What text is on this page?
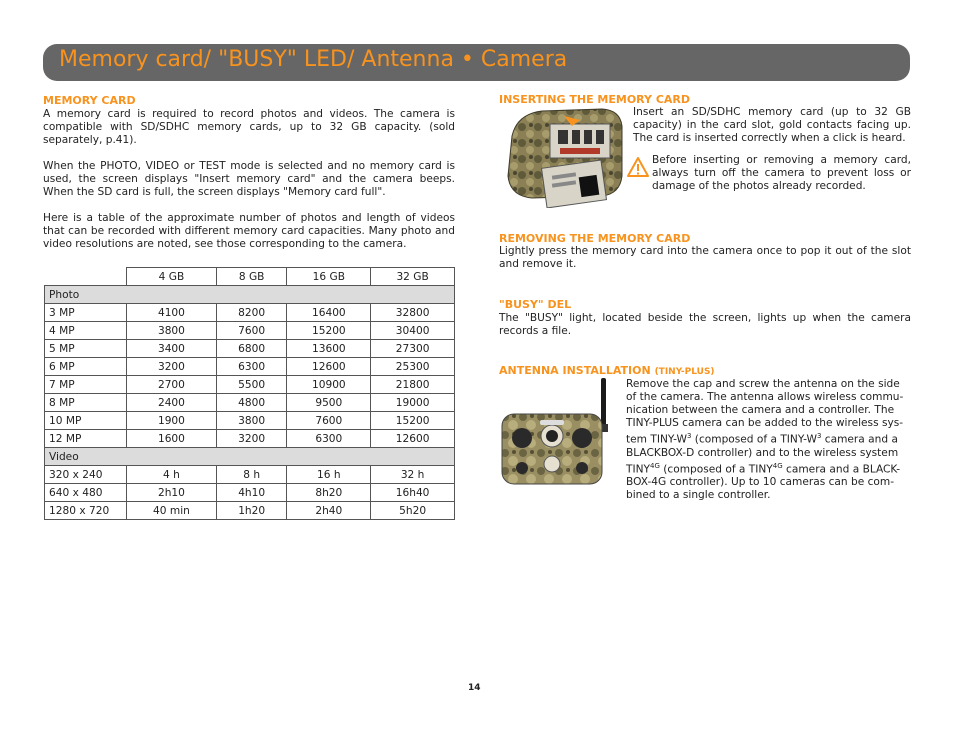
Memory card/ "BUSY" LED/ Antenna • Camera
MEMORY CARD
A memory card is required to record photos and videos. The camera is compatible with SD/SDHC memory cards, up to 32 GB capacity. (sold separately, p.41).
When the PHOTO, VIDEO or TEST mode is selected and no memory card is used, the screen displays "Insert memory card" and the camera beeps. When the SD card is full, the screen displays "Memory card full".
Here is a table of the approximate number of photos and length of videos that can be recorded with different memory card capacities. Many photo and video resolutions are noted, see those corresponding to the camera.
	4 GB	8 GB	16 GB	32 GB
Photo				
3 MP	4100	8200	16400	32800
4 MP	3800	7600	15200	30400
5 MP	3400	6800	13600	27300
6 MP	3200	6300	12600	25300
7 MP	2700	5500	10900	21800
8 MP	2400	4800	9500	19000
10 MP	1900	3800	7600	15200
12 MP	1600	3200	6300	12600
Video				
320 x 240	4 h	8 h	16 h	32 h
640 x 480	2h10	4h10	8h20	16h40
1280 x 720	40 min	1h20	2h40	5h20
INSERTING THE MEMORY CARD
Insert an SD/SDHC memory card (up to 32 GB capacity) in the card slot, gold contacts facing up. The card is inserted correctly when a click is heard.
Before inserting or removing a memory card, always turn off the camera to prevent loss or damage of the photos already recorded.
REMOVING THE MEMORY CARD
Lightly press the memory card into the camera once to pop it out of the slot and remove it.
"BUSY" DEL
The "BUSY" light, located beside the screen, lights up when the camera records a file.
ANTENNA INSTALLATION (TINY-PLUS)
Remove the cap and screw the antenna on the side
of the camera. The antenna allows wireless commu-
nication between the camera and a controller. The
TINY-PLUS camera can be added to the wireless sys-
tem TINY-$W^3$ (composed of a TINY-$W^3$ camera and a
BLACKBOX-D controller) and to the wireless system
$TINY^{4G}$ (composed of a $TINY^{4G}$ camera and a BLACK-
BOX-4G controller). Up to 10 cameras can be com-
bined to a single controller.
14
